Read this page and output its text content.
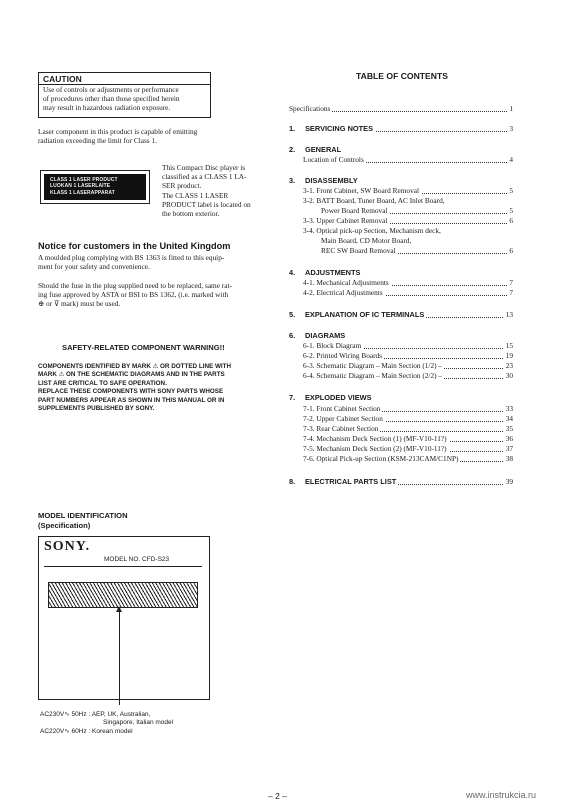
CAUTION
Use of controls or adjustments or performance
of procedures other than those specified herein
may result in hazardous radiation exposure.
Laser component in this product is capable of emitting
radiation exceeding the limit for Class 1.
CLASS 1 LASER PRODUCT
LUOKAN 1 LASERLAITE
KLASS 1 LASERAPPARAT
This Compact Disc player is
classified as a CLASS 1 LA-
SER product.
The CLASS 1 LASER
PRODUCT label is located on
the bottom exterior.
Notice for customers in the United Kingdom
A moulded plug complying with BS 1363 is fitted to this equip-
ment for your safety and convenience.
Should the fuse in the plug supplied need to be replaced, same rat-
ing fuse approved by ASTA or BSI to BS 1362, (i.e. marked with
⊕ or ⊽ mark) must be used.
SAFETY-RELATED COMPONENT WARNING!!
COMPONENTS IDENTIFIED BY MARK ⚠ OR DOTTED LINE WITH
MARK ⚠ ON THE SCHEMATIC DIAGRAMS AND IN THE PARTS
LIST ARE CRITICAL TO SAFE OPERATION.
REPLACE THESE COMPONENTS WITH SONY PARTS WHOSE
PART NUMBERS APPEAR AS SHOWN IN THIS MANUAL OR IN
SUPPLEMENTS PUBLISHED BY SONY.
MODEL IDENTIFICATION
(Specification)
SONY.
MODEL NO. CFD-S23
AC230V∿ 50Hz : AEP, UK, Australian,
Singapore, Italian model
AC220V∿ 60Hz : Korean model
TABLE OF CONTENTS
Specifications	1
1. SERVICING NOTES	3
2. GENERAL
Location of Controls	4
3. DISASSEMBLY
3-1. Front Cabinet, SW Board Removal	5
3-2. BATT Board, Tuner Board, AC Inlet Board,
Power Board Removal	5
3-3. Upper Cabinet Removal	6
3-4. Optical pick-up Section, Mechanism deck,
Main Board, CD Motor Board,
REC SW Board Removal	6
4. ADJUSTMENTS
4-1. Mechanical Adjustments	7
4-2. Electrical Adjustments	7
5. EXPLANATION OF IC TERMINALS	13
6. DIAGRAMS
6-1. Block Diagram	15
6-2. Printed Wiring Boards	19
6-3. Schematic Diagram – Main Section (1/2) –	23
6-4. Schematic Diagram – Main Section (2/2) –	30
7. EXPLODED VIEWS
7-1. Front Cabinet Section	33
7-2. Upper Cabinet Section	34
7-3. Rear Cabinet Section	35
7-4. Mechanism Deck Section (1) (MF-V10-11?)	36
7-5. Mechanism Deck Section (2) (MF-V10-11?)	37
7-6. Optical Pick-up Section (KSM-213CAM/C1NP)	38
8. ELECTRICAL PARTS LIST	39
– 2 –	www.instrukcia.ru
